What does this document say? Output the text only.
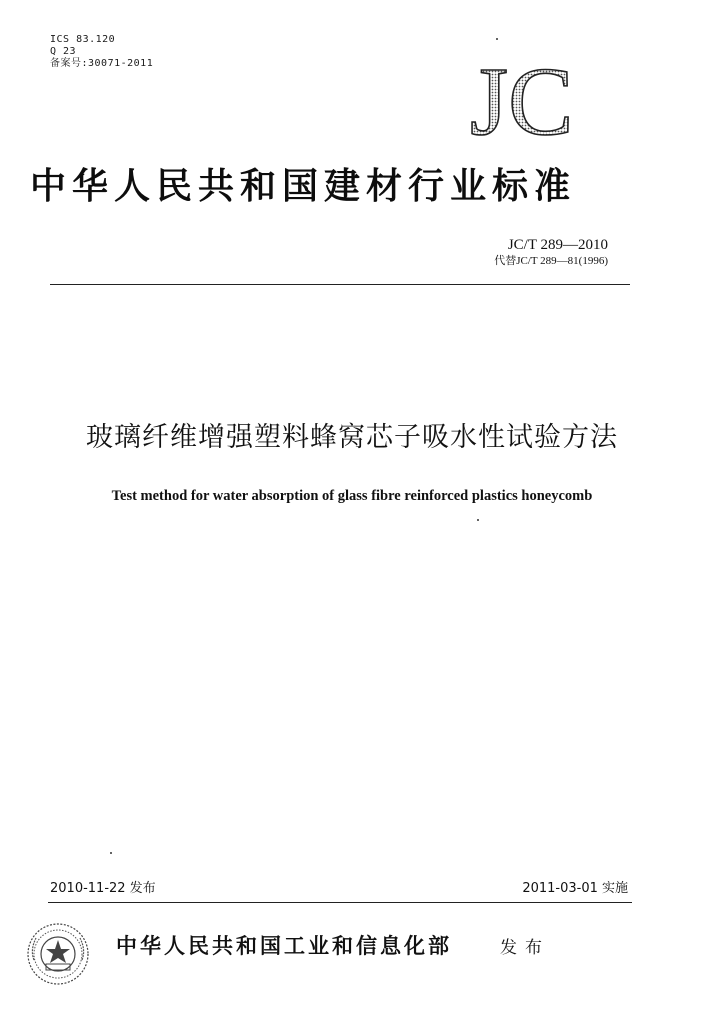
ICS 83.120
Q 23
备案号:30071-2011	JC
中华人民共和国建材行业标准
JC/T 289—2010
代替JC/T 289—81(1996)
玻璃纤维增强塑料蜂窝芯子吸水性试验方法
Test method for water absorption of glass fibre reinforced plastics honeycomb
2010-11-22 发布	2011-03-01 实施
中华人民共和国工业和信息化部	发布
